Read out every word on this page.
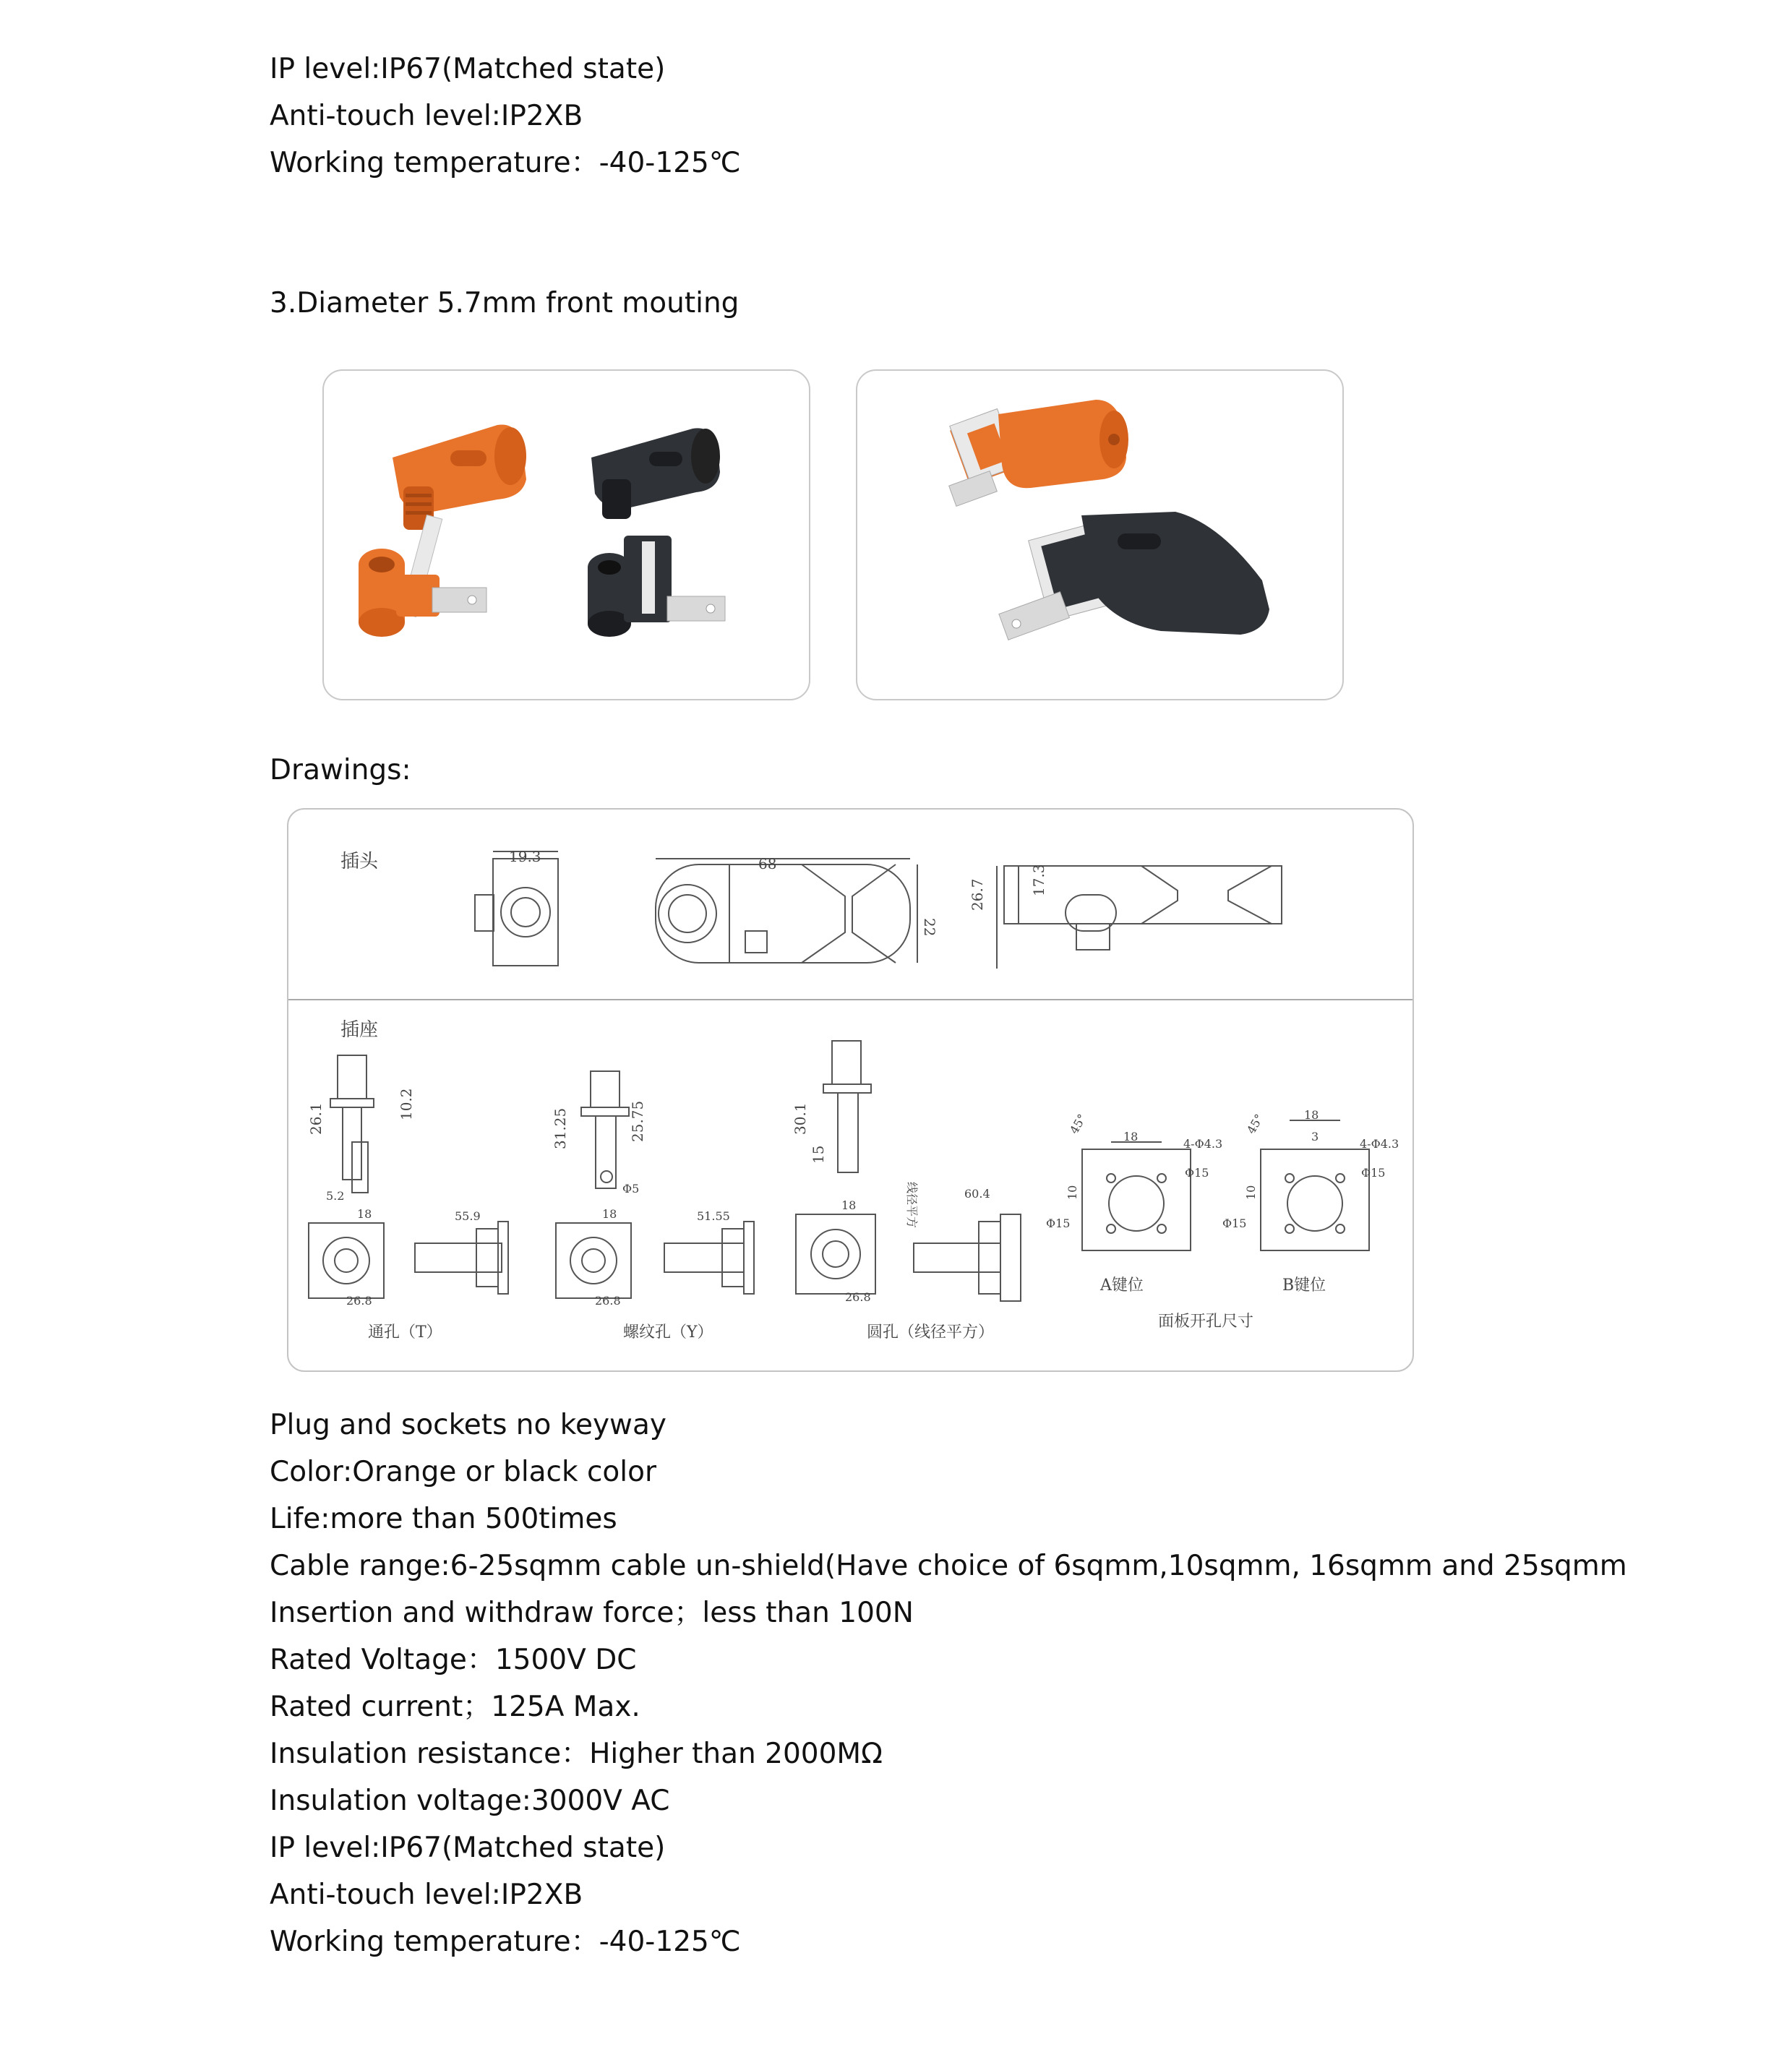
IP level:IP67(Matched state)
Anti-touch level:IP2XB
Working temperature：-40-125℃
3.Diameter 5.7mm front mouting
Drawings:
插头	19.3	68
22
26.7	17.3
插座
26.1	10.2
5.2
18
26.8
55.9
通孔（T）
31.25	25.75
Φ5
18
26.8
51.55
螺纹孔（Y）
30.1
15
18
26.8
线径平方	60.4
圆孔（线径平方）
45°
18
4-Φ4.3
Φ15
Φ15
10
A键位
45°	18
3
4-Φ4.3
Φ15
Φ15
10
B键位
面板开孔尺寸
Plug and sockets no keyway
Color:Orange or black color
Life:more than 500times
Cable range:6-25sqmm cable un-shield(Have choice of 6sqmm,10sqmm, 16sqmm and 25sqmm
Insertion and withdraw force；less than 100N
Rated Voltage：1500V DC
Rated current；125A Max.
Insulation resistance：Higher than 2000MΩ
Insulation voltage:3000V AC
IP level:IP67(Matched state)
Anti-touch level:IP2XB
Working temperature：-40-125℃
